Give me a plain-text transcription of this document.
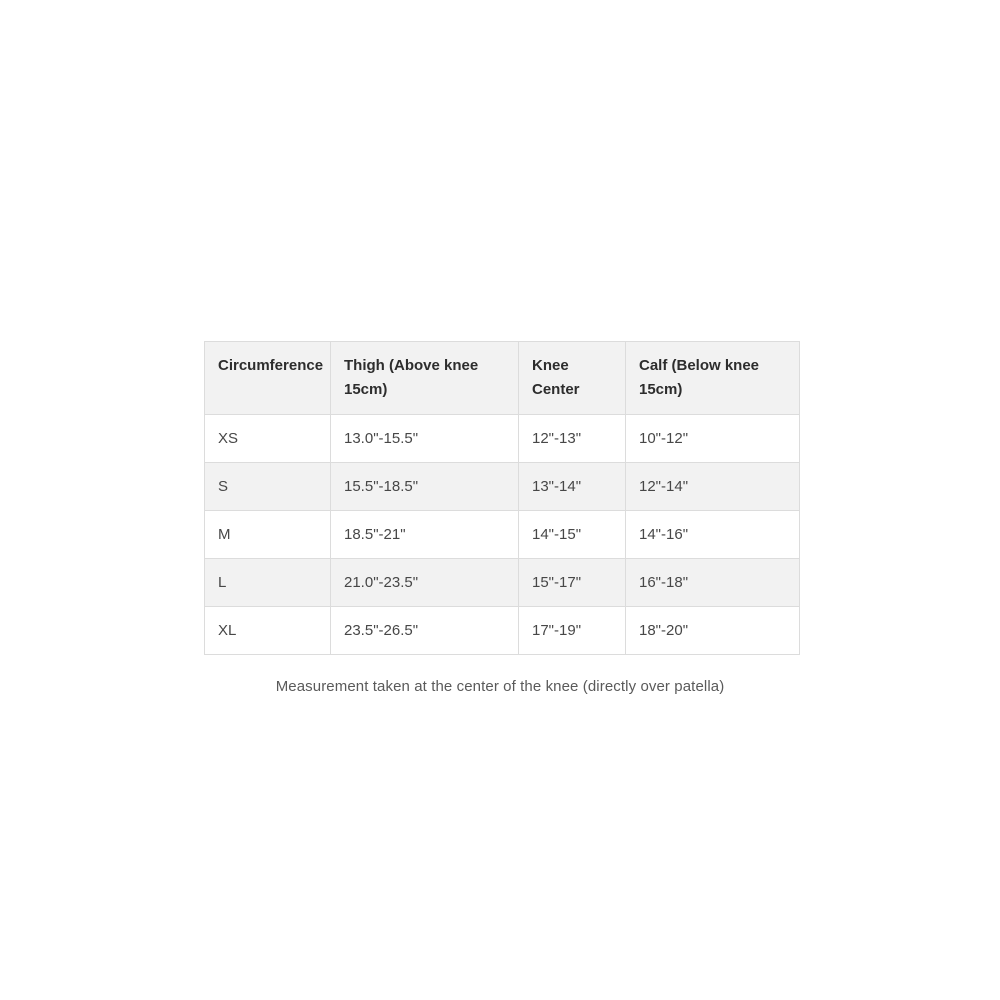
Circumference	Thigh (Above knee 15cm)	Knee Center	Calf (Below knee 15cm)
XS	13.0"-15.5"	12"-13"	10"-12"
S	15.5"-18.5"	13"-14"	12"-14"
M	18.5"-21"	14"-15"	14"-16"
L	21.0"-23.5"	15"-17"	16"-18"
XL	23.5"-26.5"	17"-19"	18"-20"
Measurement taken at the center of the knee (directly over patella)
